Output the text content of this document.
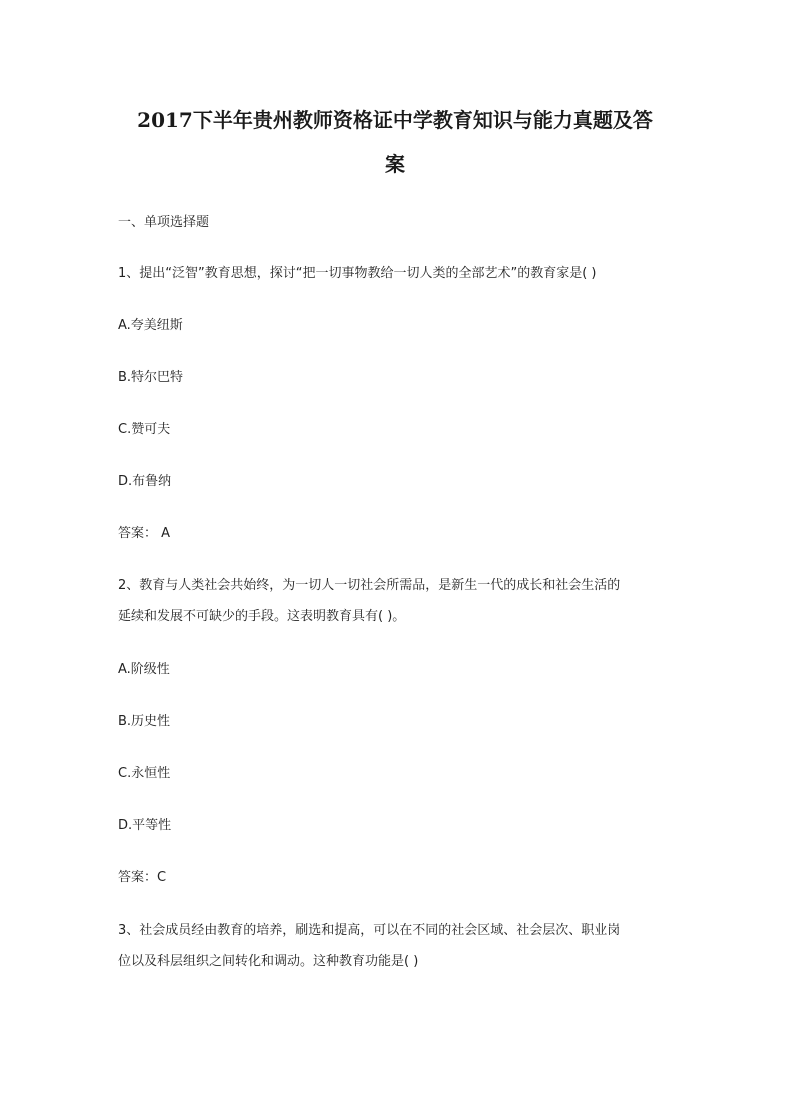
2017下半年贵州教师资格证中学教育知识与能力真题及答
案
一、单项选择题
1、提出“泛智”教育思想，探讨“把一切事物教给一切人类的全部艺术”的教育家是( )
A.夸美纽斯
B.特尔巴特
C.赞可夫
D.布鲁纳
答案： A
2、教育与人类社会共始终，为一切人一切社会所需品，是新生一代的成长和社会生活的
延续和发展不可缺少的手段。这表明教育具有( )。
A.阶级性
B.历史性
C.永恒性
D.平等性
答案：C
3、社会成员经由教育的培养，刷选和提高，可以在不同的社会区域、社会层次、职业岗
位以及科层组织之间转化和调动。这种教育功能是( )
